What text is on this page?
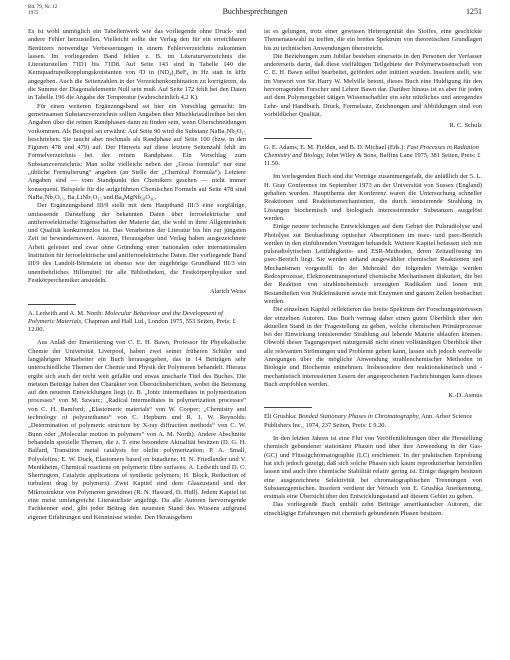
Bd. 79, Nr. 12
1975	Buchbesprechungen	1251

Es ist wohl unmöglich ein Tabellenwerk wie das vorliegende ohne Druck- und andere Fehler herzustellen. Vielleicht sollte der Verlag den für ein erreichbaren Benützers notwendige Verbesserungen in einem Fehlerverzeichnis zukommen lassen. Im vorliegenden Band fehlen z. B. im Literaturverzeichnis die Literaturstellen 71D1 bis 71D8. Auf Seite 143 sind in Tabelle 140 die Kernquadrupolkopplungskonstanten von ²D in (ND₄)₂BeF₄ in Hz statt in kHz angegeben. Auch die Seitenzahlen in der Vorzeichenkombination zu korrigieren, da die Summe der Diagonalelemente Null sein muß. Auf Seite 172 fehlt bei den Daten in Tabelle 196 die Angabe der Temperatur (wahrscheinlich 4.2 K).

Für einen weiteren Ergänzungsband sei hier ein Vorschlag gemacht: Im gemeinsamen Substanzverzeichnis sollten Angaben über Mischkristallreihen bei den Angaben über die reinen Randphasen dann zu finden sein, wenn Überschneidungen vorkommen. Als Beispiel sei erwähnt: Auf Seite 90 wird die Substanz NaBa₂Nb₅O₁₅ beschrieben. Sie taucht aber nochmals als Randphase auf Seite 100 (bzw. in den Figuren 478 und 479) auf. Der Hinweis auf diese letztere Seitenzahl fehlt im Formelverzeichnis bei der reinen Randphase. Ein Vorschlag zum Substanzverzeichnis: Man sollte vielleicht neben der „Gross formula“ nur eine „übliche Formulierung“ angeben (an Stelle der „Chemical Formula“). Letztere Angaben sind — vom Standpunkt des Chemikers gesehen — nicht immer konsequent. Beispiele für die aufgeführten Chemischen Formeln auf Seite 478 sind NaBa₂Nb₅O₁₅, Ba₂LiNb₅O₁₅ und Ba₄MgNb₁₀O₃₀.

Der Ergänzungsband III/9 stellt mit dem Hauptband III/3 eine sorgfältige, umfassende Darstellung der bekannten Daten über ferroelektrische und antiferroelektrische Eigenschaften der Materie dar, die wohl in ihrer Allgemeinheit und Qualität konkurrenzlos ist. Das Verarbeiten der Literatur bis hin zur jüngsten Zeit ist bewundernswert. Autoren, Herausgeber und Verlag haben ausgezeichnete Arbeit geleistet und zwar ohne Gründung einer nationalen oder internationalen Institution für ferroelektrische und antiferroelektrische Daten. Der vorliegende Band III/9 des Landolt-Börnstein ist ebenso wie der zugehörige Grundband III/3 ein unentbehrliches Hilfsmittel für alle Bibliotheken, die Festkörperphysiker und Festkörperchemiker ansiedeln.

Alarich Weiss
A. Ledwith and A. M. North: Molecular Behaviour and the Development of Polymeric Materials, Chapman and Hall Ltd., London 1975, 553 Seiten, Preis: £ 12.00.

Aus Anlaß der Emeritierung von C. E. H. Bawn, Professor für Physikalische Chemie der Universität Liverpool, haben zwei seiner früheren Schüler und langjährigen Mitarbeiter ein Buch herausgegeben, das in 14 Beiträgen sehr unterschiedliche Themen der Chemie und Physik der Polymeren behandelt. Hieraus ergibt sich auch der recht weit gefaßte und etwas unscharfe Titel des Buches. Die meisten Beiträge haben den Charakter von Übersichtsberichten, wobei die Betonung auf den neueren Entwicklungen liegt (z. B. „Ionic intermediates in polymerization processes“ von M. Szwarc; „Radical intermediates in polymerization processes“ von C. H. Bamford; „Elastomeric materials“ von W. Cooper; „Chemistry and technology of polyurethanes“ von C. Hepburn und R. J. W. Reynolds; „Determination of polymeric structure by X-ray diffraction methods“ von C. W. Bunn oder „Molecular motion in polymers“ von A. M. North). Andere Abschnitte behandeln spezielle Themen, die z. T. eine besondere Aktualität besitzen (D. G. H. Ballard, Transition metal catalysts for olefin polymerization; P. A. Small, Polyolefins; E. W. Duck, Elastomers based on butadiene; H. N. Friedlander und V. Menikheim, Chemical reactions on polymeric fibre surfaces; A. Ledwith und D. C. Sherrington, Catalytic applications of synthetic polymers; H. Block, Reduction of turbulent drag by polymers). Zwei Kapitel sind dem Glaszustand und der Mikrostruktur von Polymeren gewidmet (R. N. Haward, D. Hull). Jedem Kapitel ist eine meist umfangreiche Literaturliste angefügt. Da alle Autoren hervorragende Fachkenner sind, gibt jeder Beitrag den neuesten Stand des Wissens aufgrund eigener Erfahrungen und Kenntnisse wieder. Den Herausgebern

ist es gelungen, trotz einer gewissen Heterogenität des Stoffes, eine geschickte Themenauswahl zu treffen, die ein breites Spektrum von theoretischen Grundlagen bis zu technischen Anwendungen überstreicht.

Die Beziehungen zum Jubilar bestehen einerseits in den Personen der Verfasser andererseits darin, daß diese vielfältigen Teilgebiete der Polymerwissenschaft von C. E. H. Bawn selbst bearbeitet, gefördert oder initiiert wurden. Insofern stellt, wie im Vorwort von Sir Harry W. Melville betont, dieses Buch eine Huldigung für den hervorragenden Forscher und Lehrer Bawn dar. Darüber hinaus ist es aber für jeden auf dem Polymergebiet tätigen Wissenschaftler ein sehr nützliches und anregendes Lehr- und Handbuch. Druck, Formelsatz, Zeichnungen und Abbildungen sind von vorbildlicher Qualität.

R. C. Schulz
G. E. Adams, E. M. Fielden, and B. D. Michael (Eds.): Fast Processes in Radiation Chemistry and Biology, John Wiley & Sons, Baffins Lane 1975, 381 Seiten, Preis: £ 11.50.

Im vorliegenden Buch sind die Vorträge zusammengefaßt, die anläßlich der 5. L. H. Gray Conference im September 1973 an der Universität von Sussex (England) gehalten wurden. Hauptthema der Konferenz waren die Untersuchung schneller Reaktionen und Reaktionsmechanismen, die durch ionisierende Strahlung in Lösungen biochemisch und biologisch interessierender Substanzen ausgelöst werden.

Einige neuere technische Entwicklungen auf dem Gebiet der Pulsradiolyse und Photolyse zur Beobachtung optischer Absorptionen im nsec- und psec-Bereich werden in den einführenden Vorträgen behandelt. Weitere Kapitel befassen sich mit pulsradiolytischen Leitfähigkeits- und ESR-Methoden, deren Zeitauflösung im µsec-Bereich liegt. Sie werden anhand ausgewählter chemischer Reaktionen und Mechanismen vorgestellt. In der Mehrzahl der folgenden Vorträge werden Redoxprozesse, Elektronentransportund chemische Mechanismen diskutiert, die bei der Reaktion von strahlenchemisch erzeugten Radikalen und Ionen mit Bestandteilen von Nukleinsäuren sowie mit Enzymen und ganzen Zellen beobachtet werden.

Die einzelnen Kapitel reflektieren das breite Spektrum der Forschungsinteressen der einzelnen Autoren. Das Buch vermag daher einen guten Überblick über den aktuellen Stand in der Fragestellung zu geben, welche chemischen Primärprozesse bei der Einwirkung ionisierender Strahlung auf lebende Materie ablaufen können. Obwohl dieser Tagungsreport naturgemäß nicht einen vollständigen Überblick über alle relevanten Strömungen und Probleme geben kann, lassen sich jedoch wertvolle Anregungen über die mögliche Anwendung strahlenchemischer Methoden in Biologie und Biochemie entnehmen. Insbesondere den reaktionskinetisch und -mechanistisch interessierten Lesern der angesprochenen Fachrichtungen kann dieses Buch empfohlen werden.

K.-D. Asmus
Eli Grushka: Bonded Stationary Phases in Chromatography, Ann. Arbor Science Publishers Inc., 1974, 237 Seiten, Preis: £ 9.20.

In den letzten Jahren ist eine Flut von Veröffentlichungen über die Herstellung chemisch gebundener stationärer Phasen und über ihre Anwendung in der Gas- (GC) und Flüssigchromatographie (LC) erschienen. In der praktischen Erprobung hat sich jedoch gezeigt, daß sich solche Phasen sich kaum reproduzierbar herstellen lassen und auch ihre chemische Stabilität relativ gering ist. Einige dagegen besitzen eine ausgezeichnete Selektivität bei chromatographischen Trennungen von Substanzgemischen. Insofern verdient der Versuch von E. Grushka Anerkennung, erstmals eine Übersicht über den Entwicklungsstand auf diesem Gebiet zu geben.

Das vorliegende Buch enthält zehn Beiträge amerikanischer Autoren, die einschlägige Erfahrungen mit chemisch gebundenen Phasen besitzen.
